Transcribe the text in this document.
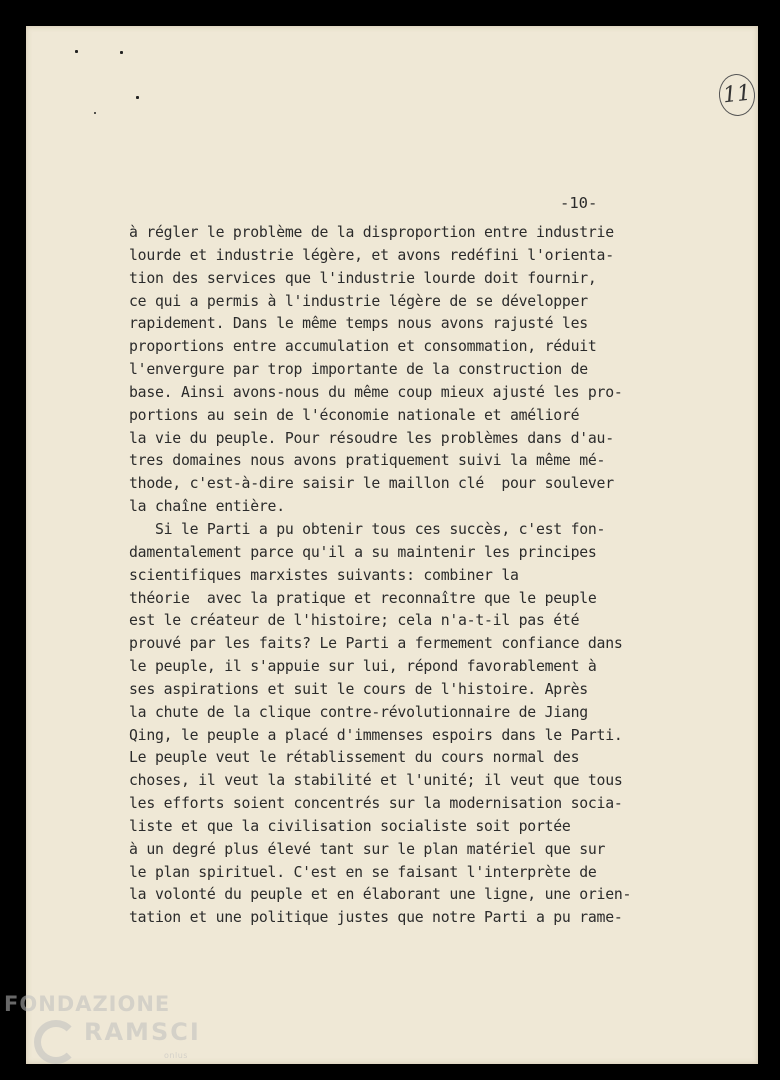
11
-10-
à régler le problème de la disproportion entre industrie
lourde et industrie légère, et avons redéfini l'orienta-
tion des services que l'industrie lourde doit fournir,
ce qui a permis à l'industrie légère de se développer
rapidement. Dans le même temps nous avons rajusté les
proportions entre accumulation et consommation, réduit
l'envergure par trop importante de la construction de
base. Ainsi avons-nous du même coup mieux ajusté les pro-
portions au sein de l'économie nationale et amélioré
la vie du peuple. Pour résoudre les problèmes dans d'au-
tres domaines nous avons pratiquement suivi la même mé-
thode, c'est-à-dire saisir le maillon clé  pour soulever
la chaîne entière.
Si le Parti a pu obtenir tous ces succès, c'est fon-
damentalement parce qu'il a su maintenir les principes
scientifiques marxistes suivants: combiner la
théorie  avec la pratique et reconnaître que le peuple
est le créateur de l'histoire; cela n'a-t-il pas été
prouvé par les faits? Le Parti a fermement confiance dans
le peuple, il s'appuie sur lui, répond favorablement à
ses aspirations et suit le cours de l'histoire. Après
la chute de la clique contre-révolutionnaire de Jiang
Qing, le peuple a placé d'immenses espoirs dans le Parti.
Le peuple veut le rétablissement du cours normal des
choses, il veut la stabilité et l'unité; il veut que tous
les efforts soient concentrés sur la modernisation socia-
liste et que la civilisation socialiste soit portée
à un degré plus élevé tant sur le plan matériel que sur
le plan spirituel. C'est en se faisant l'interprète de
la volonté du peuple et en élaborant une ligne, une orien-
tation et une politique justes que notre Parti a pu rame-
FONDAZIONE
RAMSCI
onlus
